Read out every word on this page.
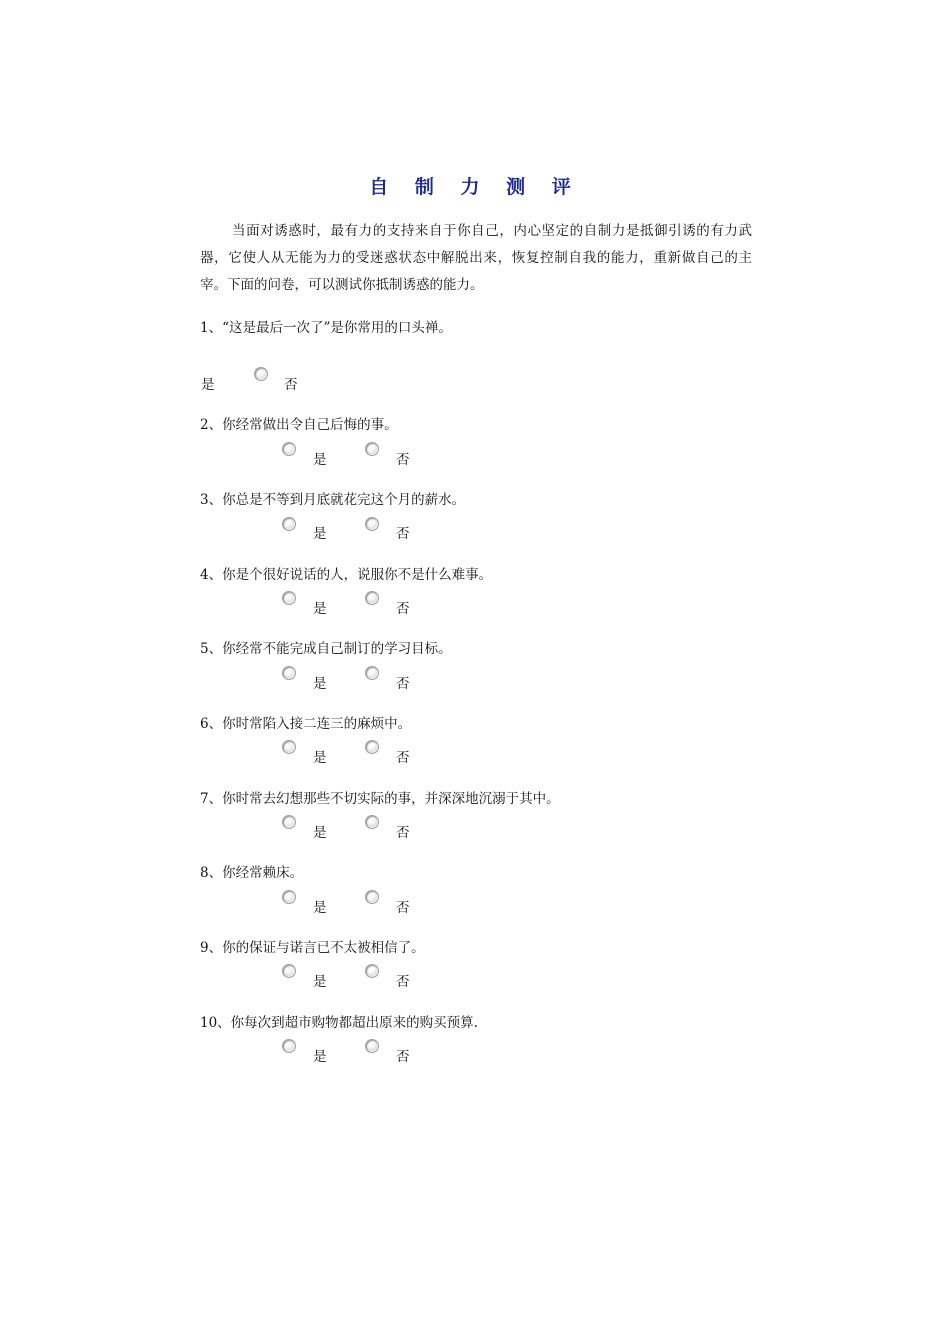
自 制 力 测 评
当面对诱惑时，最有力的支持来自于你自己，内心坚定的自制力是抵御引诱的有力武器，它使人从无能为力的受迷惑状态中解脱出来，恢复控制自我的能力，重新做自己的主宰。下面的问卷，可以测试你抵制诱惑的能力。
1、“这是最后一次了”是你常用的口头禅。
是	否
2、你经常做出令自己后悔的事。
是	否
3、你总是不等到月底就花完这个月的薪水。
是	否
4、你是个很好说话的人，说服你不是什么难事。
是	否
5、你经常不能完成自己制订的学习目标。
是	否
6、你时常陷入接二连三的麻烦中。
是	否
7、你时常去幻想那些不切实际的事，并深深地沉溺于其中。
是	否
8、你经常赖床。
是	否
9、你的保证与诺言已不太被相信了。
是	否
10、你每次到超市购物都超出原来的购买预算.
是	否
